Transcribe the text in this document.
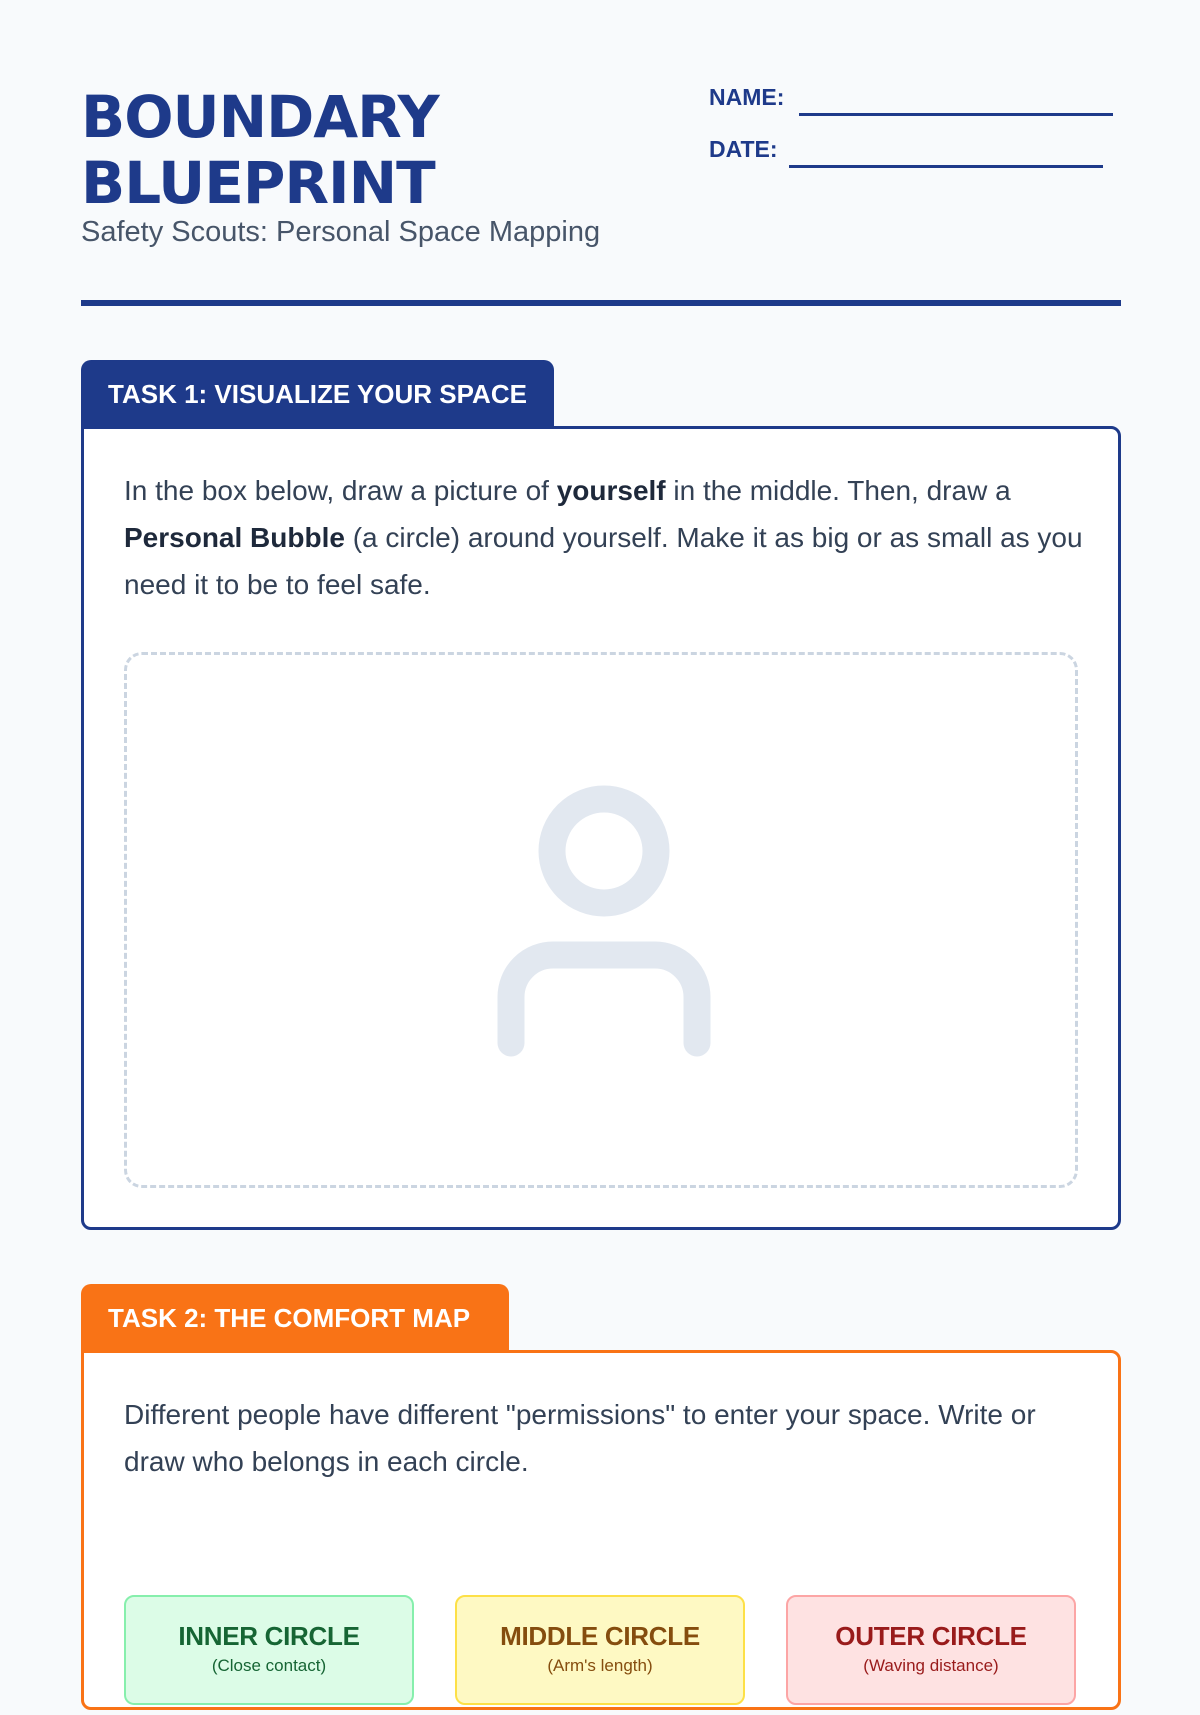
BOUNDARY
BLUEPRINT
Safety Scouts: Personal Space Mapping
NAME:
DATE:
TASK 1: VISUALIZE YOUR SPACE

In the box below, draw a picture of yourself in the middle. Then, draw a Personal Bubble (a circle) around yourself. Make it as big or as small as you need it to be to feel safe.

TASK 2: THE COMFORT MAP

Different people have different "permissions" to enter your space. Write or draw who belongs in each circle.

INNER CIRCLE
(Close contact)
MIDDLE CIRCLE
(Arm's length)
OUTER CIRCLE
(Waving distance)
